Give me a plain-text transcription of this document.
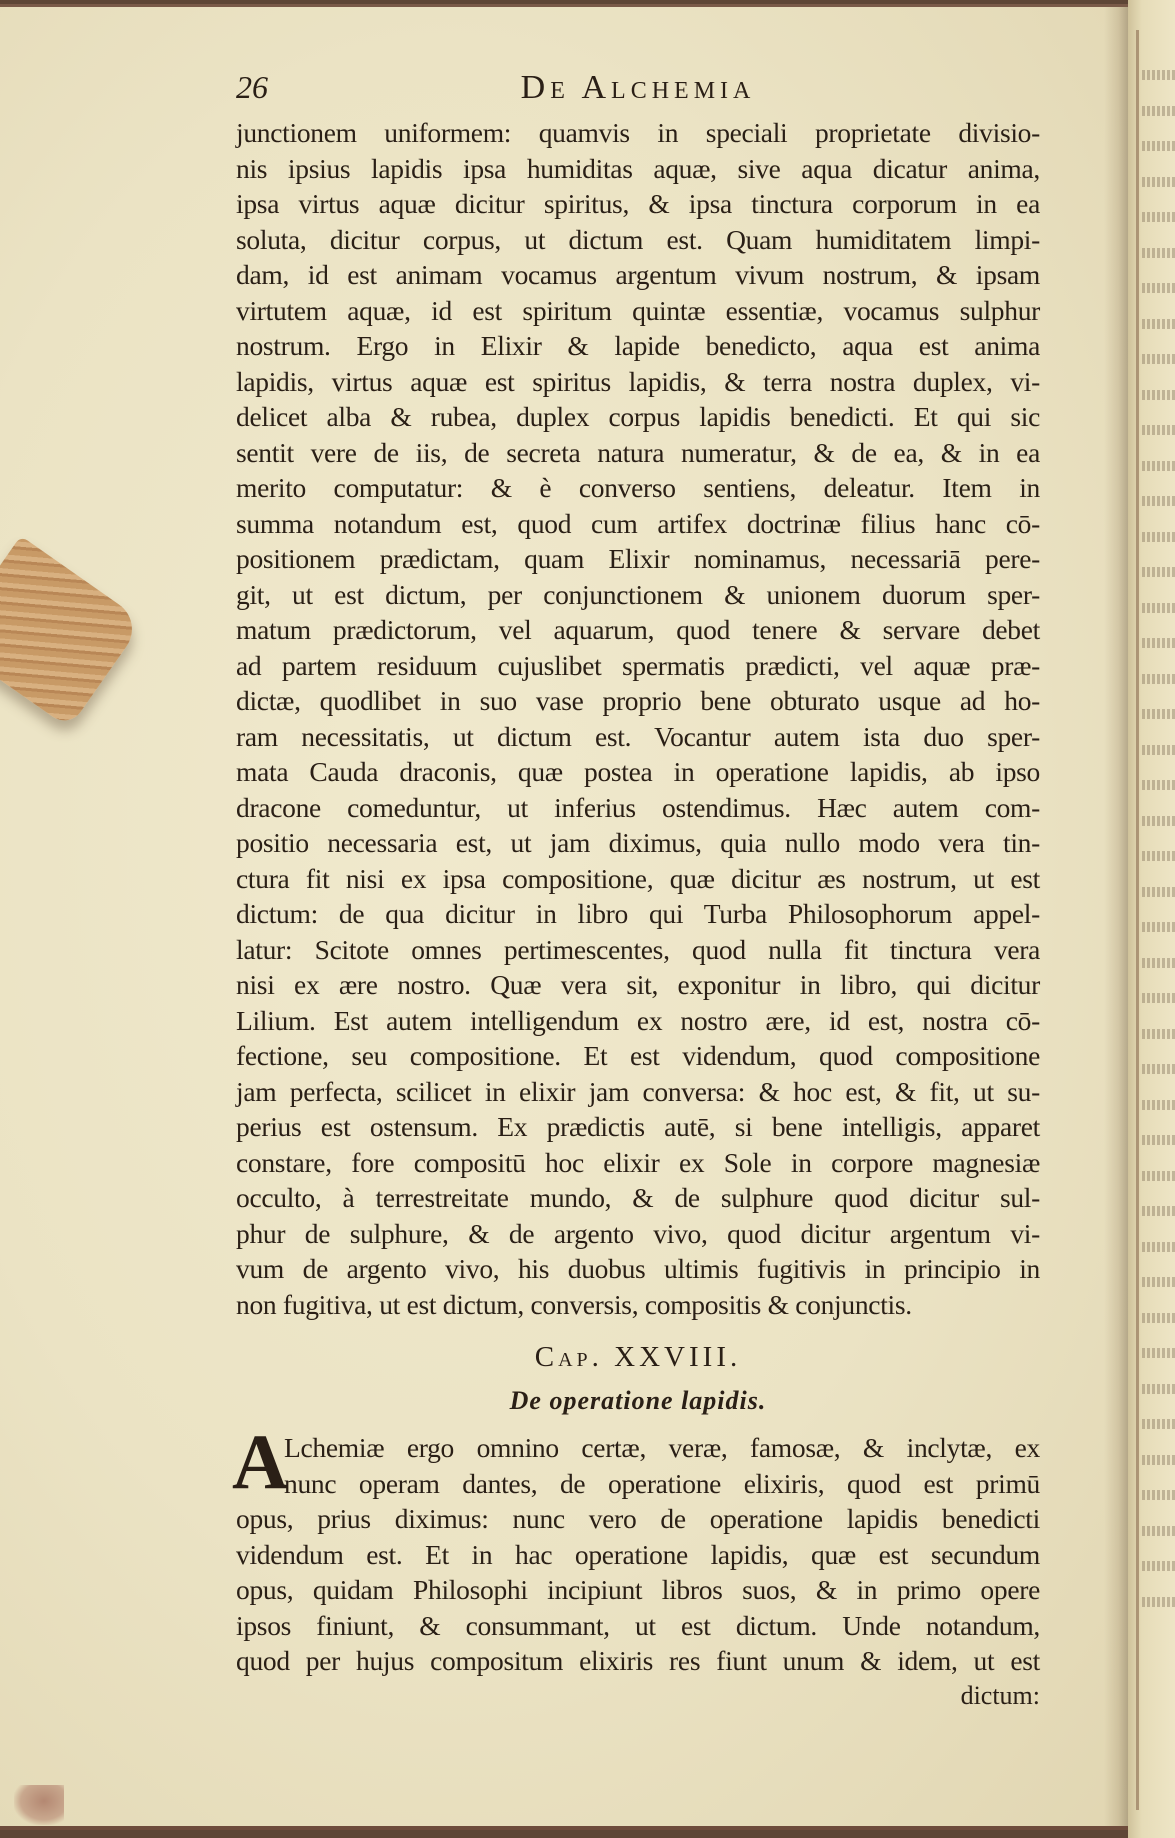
26	De Alchemia
junctionem uniformem: quamvis in speciali proprietate divisio-
nis ipsius lapidis ipsa humiditas aquæ, sive aqua dicatur anima,
ipsa virtus aquæ dicitur spiritus, & ipsa tinctura corporum in ea
soluta, dicitur corpus, ut dictum est. Quam humiditatem limpi-
dam, id est animam vocamus argentum vivum nostrum, & ipsam
virtutem aquæ, id est spiritum quintæ essentiæ, vocamus sulphur
nostrum. Ergo in Elixir & lapide benedicto, aqua est anima
lapidis, virtus aquæ est spiritus lapidis, & terra nostra duplex, vi-
delicet alba & rubea, duplex corpus lapidis benedicti. Et qui sic
sentit vere de iis, de secreta natura numeratur, & de ea, & in ea
merito computatur: & è converso sentiens, deleatur. Item in
summa notandum est, quod cum artifex doctrinæ filius hanc cō-
positionem prædictam, quam Elixir nominamus, necessariā pere-
git, ut est dictum, per conjunctionem & unionem duorum sper-
matum prædictorum, vel aquarum, quod tenere & servare debet
ad partem residuum cujuslibet spermatis prædicti, vel aquæ præ-
dictæ, quodlibet in suo vase proprio bene obturato usque ad ho-
ram necessitatis, ut dictum est. Vocantur autem ista duo sper-
mata Cauda draconis, quæ postea in operatione lapidis, ab ipso
dracone comeduntur, ut inferius ostendimus. Hæc autem com-
positio necessaria est, ut jam diximus, quia nullo modo vera tin-
ctura fit nisi ex ipsa compositione, quæ dicitur æs nostrum, ut est
dictum: de qua dicitur in libro qui Turba Philosophorum appel-
latur: Scitote omnes pertimescentes, quod nulla fit tinctura vera
nisi ex ære nostro. Quæ vera sit, exponitur in libro, qui dicitur
Lilium. Est autem intelligendum ex nostro ære, id est, nostra cō-
fectione, seu compositione. Et est videndum, quod compositione
jam perfecta, scilicet in elixir jam conversa: & hoc est, & fit, ut su-
perius est ostensum. Ex prædictis autē, si bene intelligis, apparet
constare, fore compositū hoc elixir ex Sole in corpore magnesiæ
occulto, à terrestreitate mundo, & de sulphure quod dicitur sul-
phur de sulphure, & de argento vivo, quod dicitur argentum vi-
vum de argento vivo, his duobus ultimis fugitivis in principio in
non fugitiva, ut est dictum, conversis, compositis & conjunctis.
Cap. XXVIII.
De operatione lapidis.
A
Lchemiæ ergo omnino certæ, veræ, famosæ, & inclytæ, ex
nunc operam dantes, de operatione elixiris, quod est primū
opus, prius diximus: nunc vero de operatione lapidis benedicti
videndum est. Et in hac operatione lapidis, quæ est secundum
opus, quidam Philosophi incipiunt libros suos, & in primo opere
ipsos finiunt, & consummant, ut est dictum. Unde notandum,
quod per hujus compositum elixiris res fiunt unum & idem, ut est
dictum:
